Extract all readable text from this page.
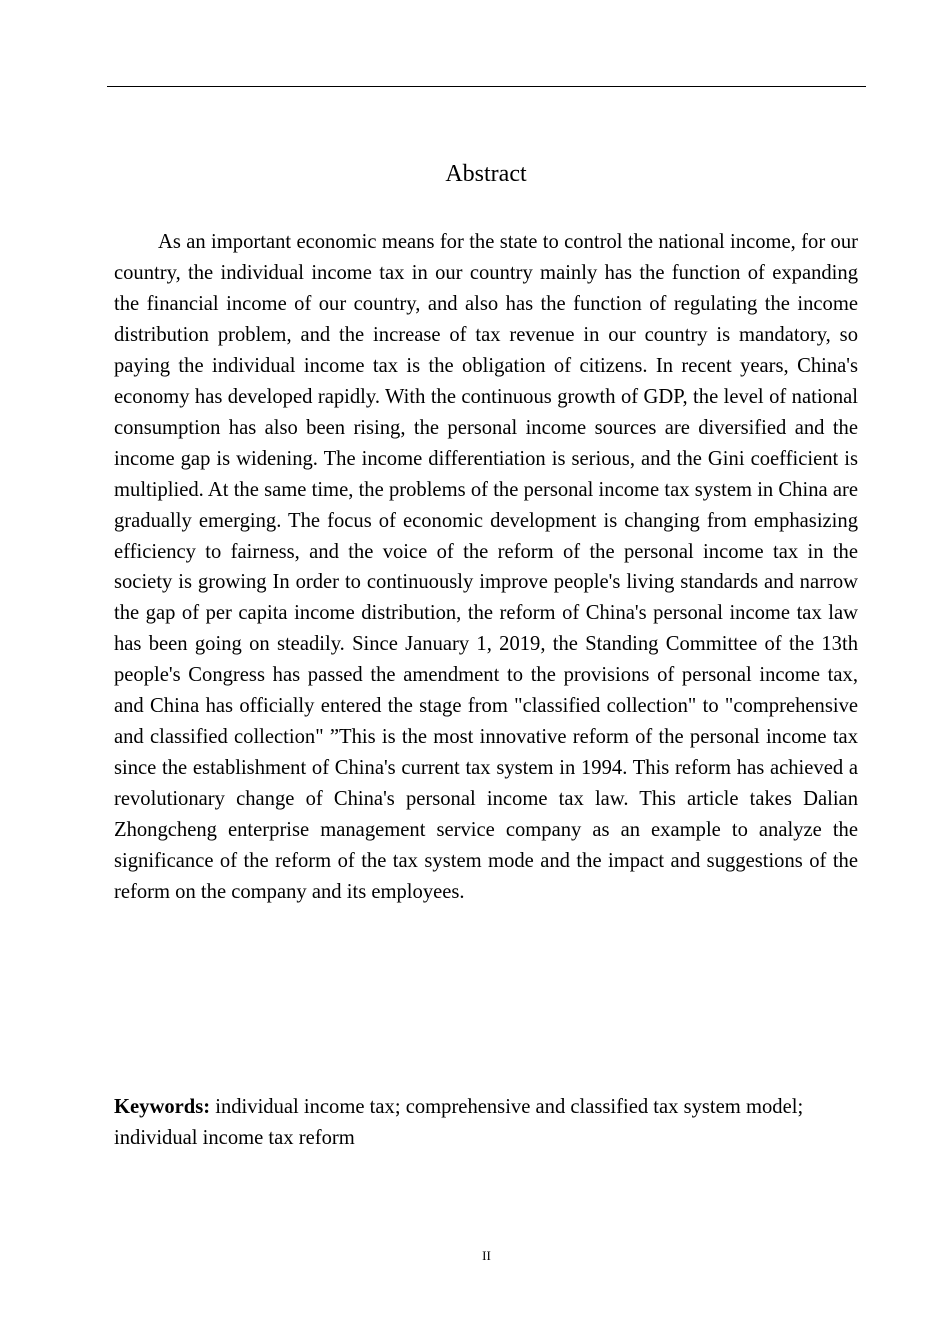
Abstract

As an important economic means for the state to control the national income, for our country, the individual income tax in our country mainly has the function of expanding the financial income of our country, and also has the function of regulating the income distribution problem, and the increase of tax revenue in our country is mandatory, so paying the individual income tax is the obligation of citizens. In recent years, China's economy has developed rapidly. With the continuous growth of GDP, the level of national consumption has also been rising, the personal income sources are diversified and the income gap is widening. The income differentiation is serious, and the Gini coefficient is multiplied. At the same time, the problems of the personal income tax system in China are gradually emerging. The focus of economic development is changing from emphasizing efficiency to fairness, and the voice of the reform of the personal income tax in the society is growing In order to continuously improve people's living standards and narrow the gap of per capita income distribution, the reform of China's personal income tax law has been going on steadily. Since January 1, 2019, the Standing Committee of the 13th people's Congress has passed the amendment to the provisions of personal income tax, and China has officially entered the stage from "classified collection" to "comprehensive and classified collection" ”This is the most innovative reform of the personal income tax since the establishment of China's current tax system in 1994. This reform has achieved a revolutionary change of China's personal income tax law. This article takes Dalian Zhongcheng enterprise management service company as an example to analyze the significance of the reform of the tax system mode and the impact and suggestions of the reform on the company and its employees.

Keywords: individual income tax; comprehensive and classified tax system model; individual income tax reform

II
